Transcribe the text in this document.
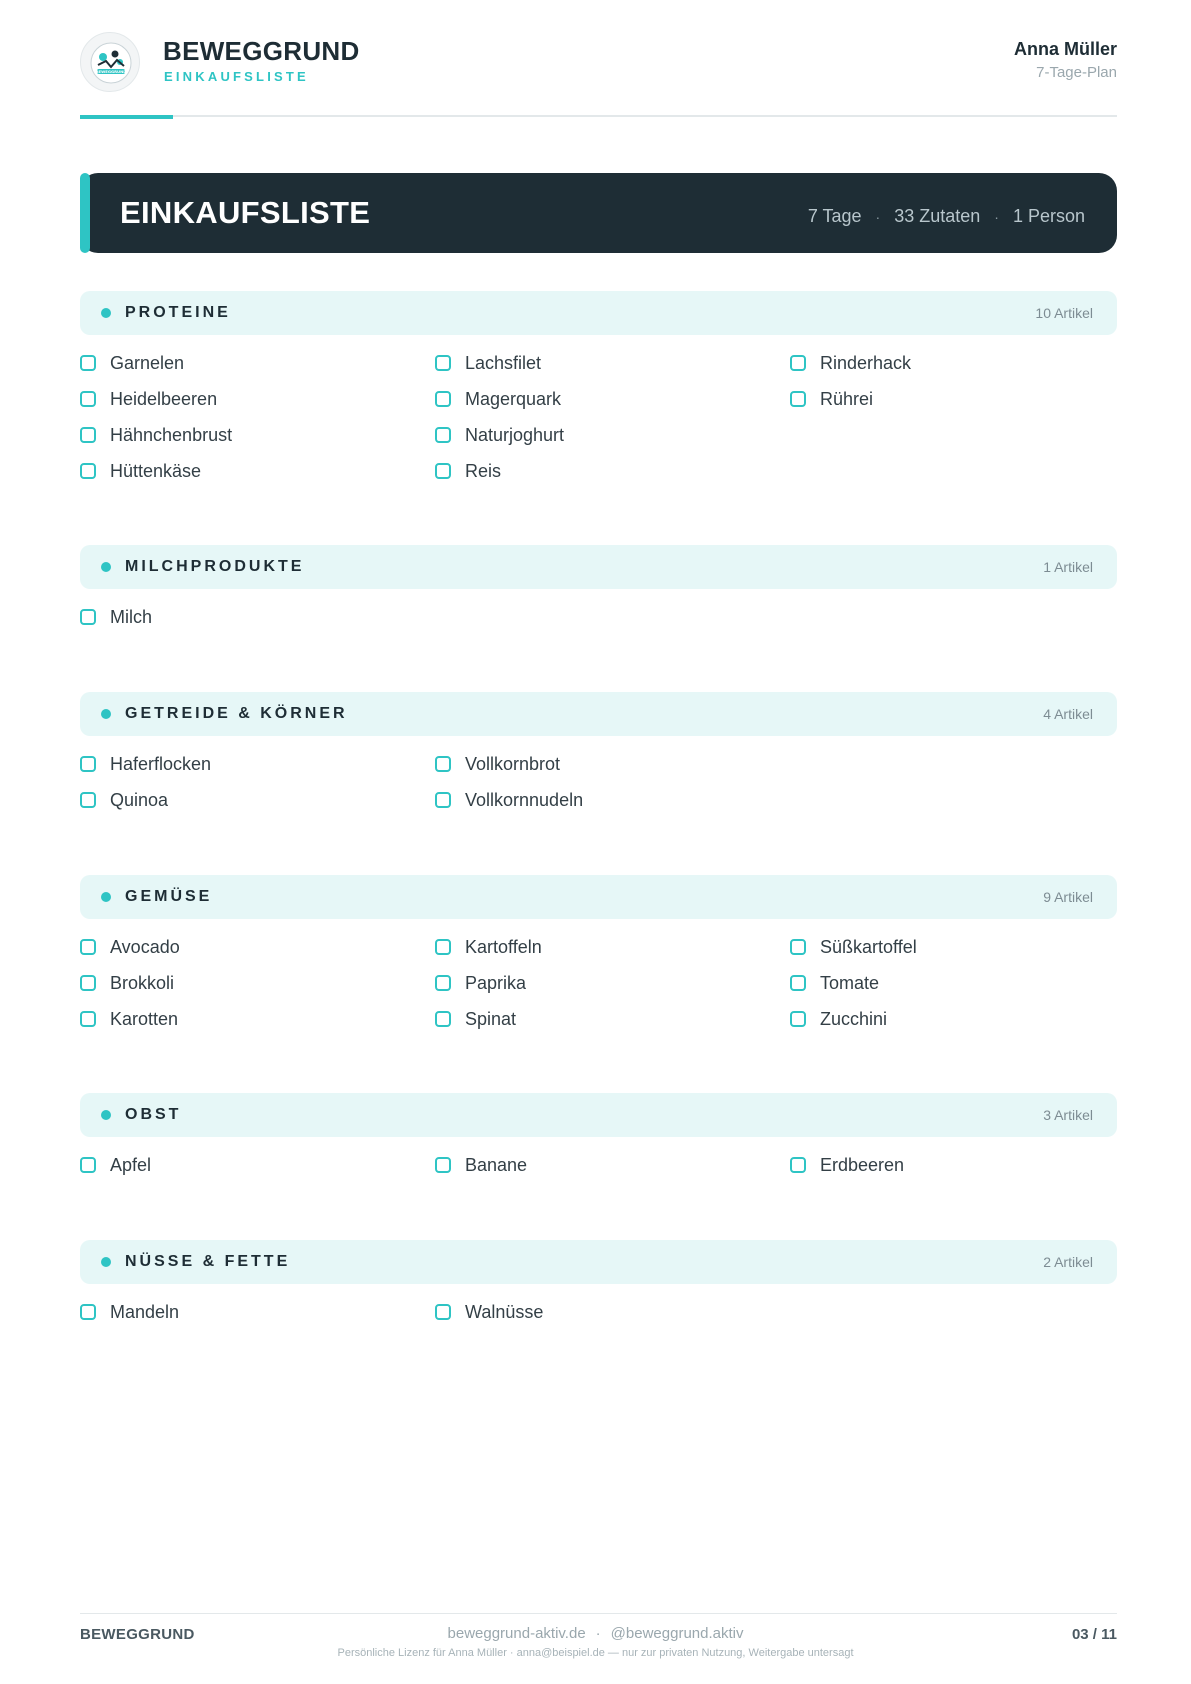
BEWEGGRUND
BEWEGGRUND
EINKAUFSLISTE
Anna Müller
7-Tage-Plan
EINKAUFSLISTE	7 Tage · 33 Zutaten · 1 Person
PROTEINE	10 Artikel
Garnelen
Heidelbeeren
Hähnchenbrust
Hüttenkäse
Lachsfilet
Magerquark
Naturjoghurt
Reis
Rinderhack
Rührei
MILCHPRODUKTE	1 Artikel
Milch
GETREIDE & KÖRNER	4 Artikel
Haferflocken
Quinoa
Vollkornbrot
Vollkornnudeln
GEMÜSE	9 Artikel
Avocado
Brokkoli
Karotten
Kartoffeln
Paprika
Spinat
Süßkartoffel
Tomate
Zucchini
OBST	3 Artikel
Apfel	Banane	Erdbeeren
NÜSSE & FETTE	2 Artikel
Mandeln	Walnüsse
BEWEGGRUND	beweggrund-aktiv.de · @beweggrund.aktiv	03 / 11
Persönliche Lizenz für Anna Müller · anna@beispiel.de — nur zur privaten Nutzung, Weitergabe untersagt
